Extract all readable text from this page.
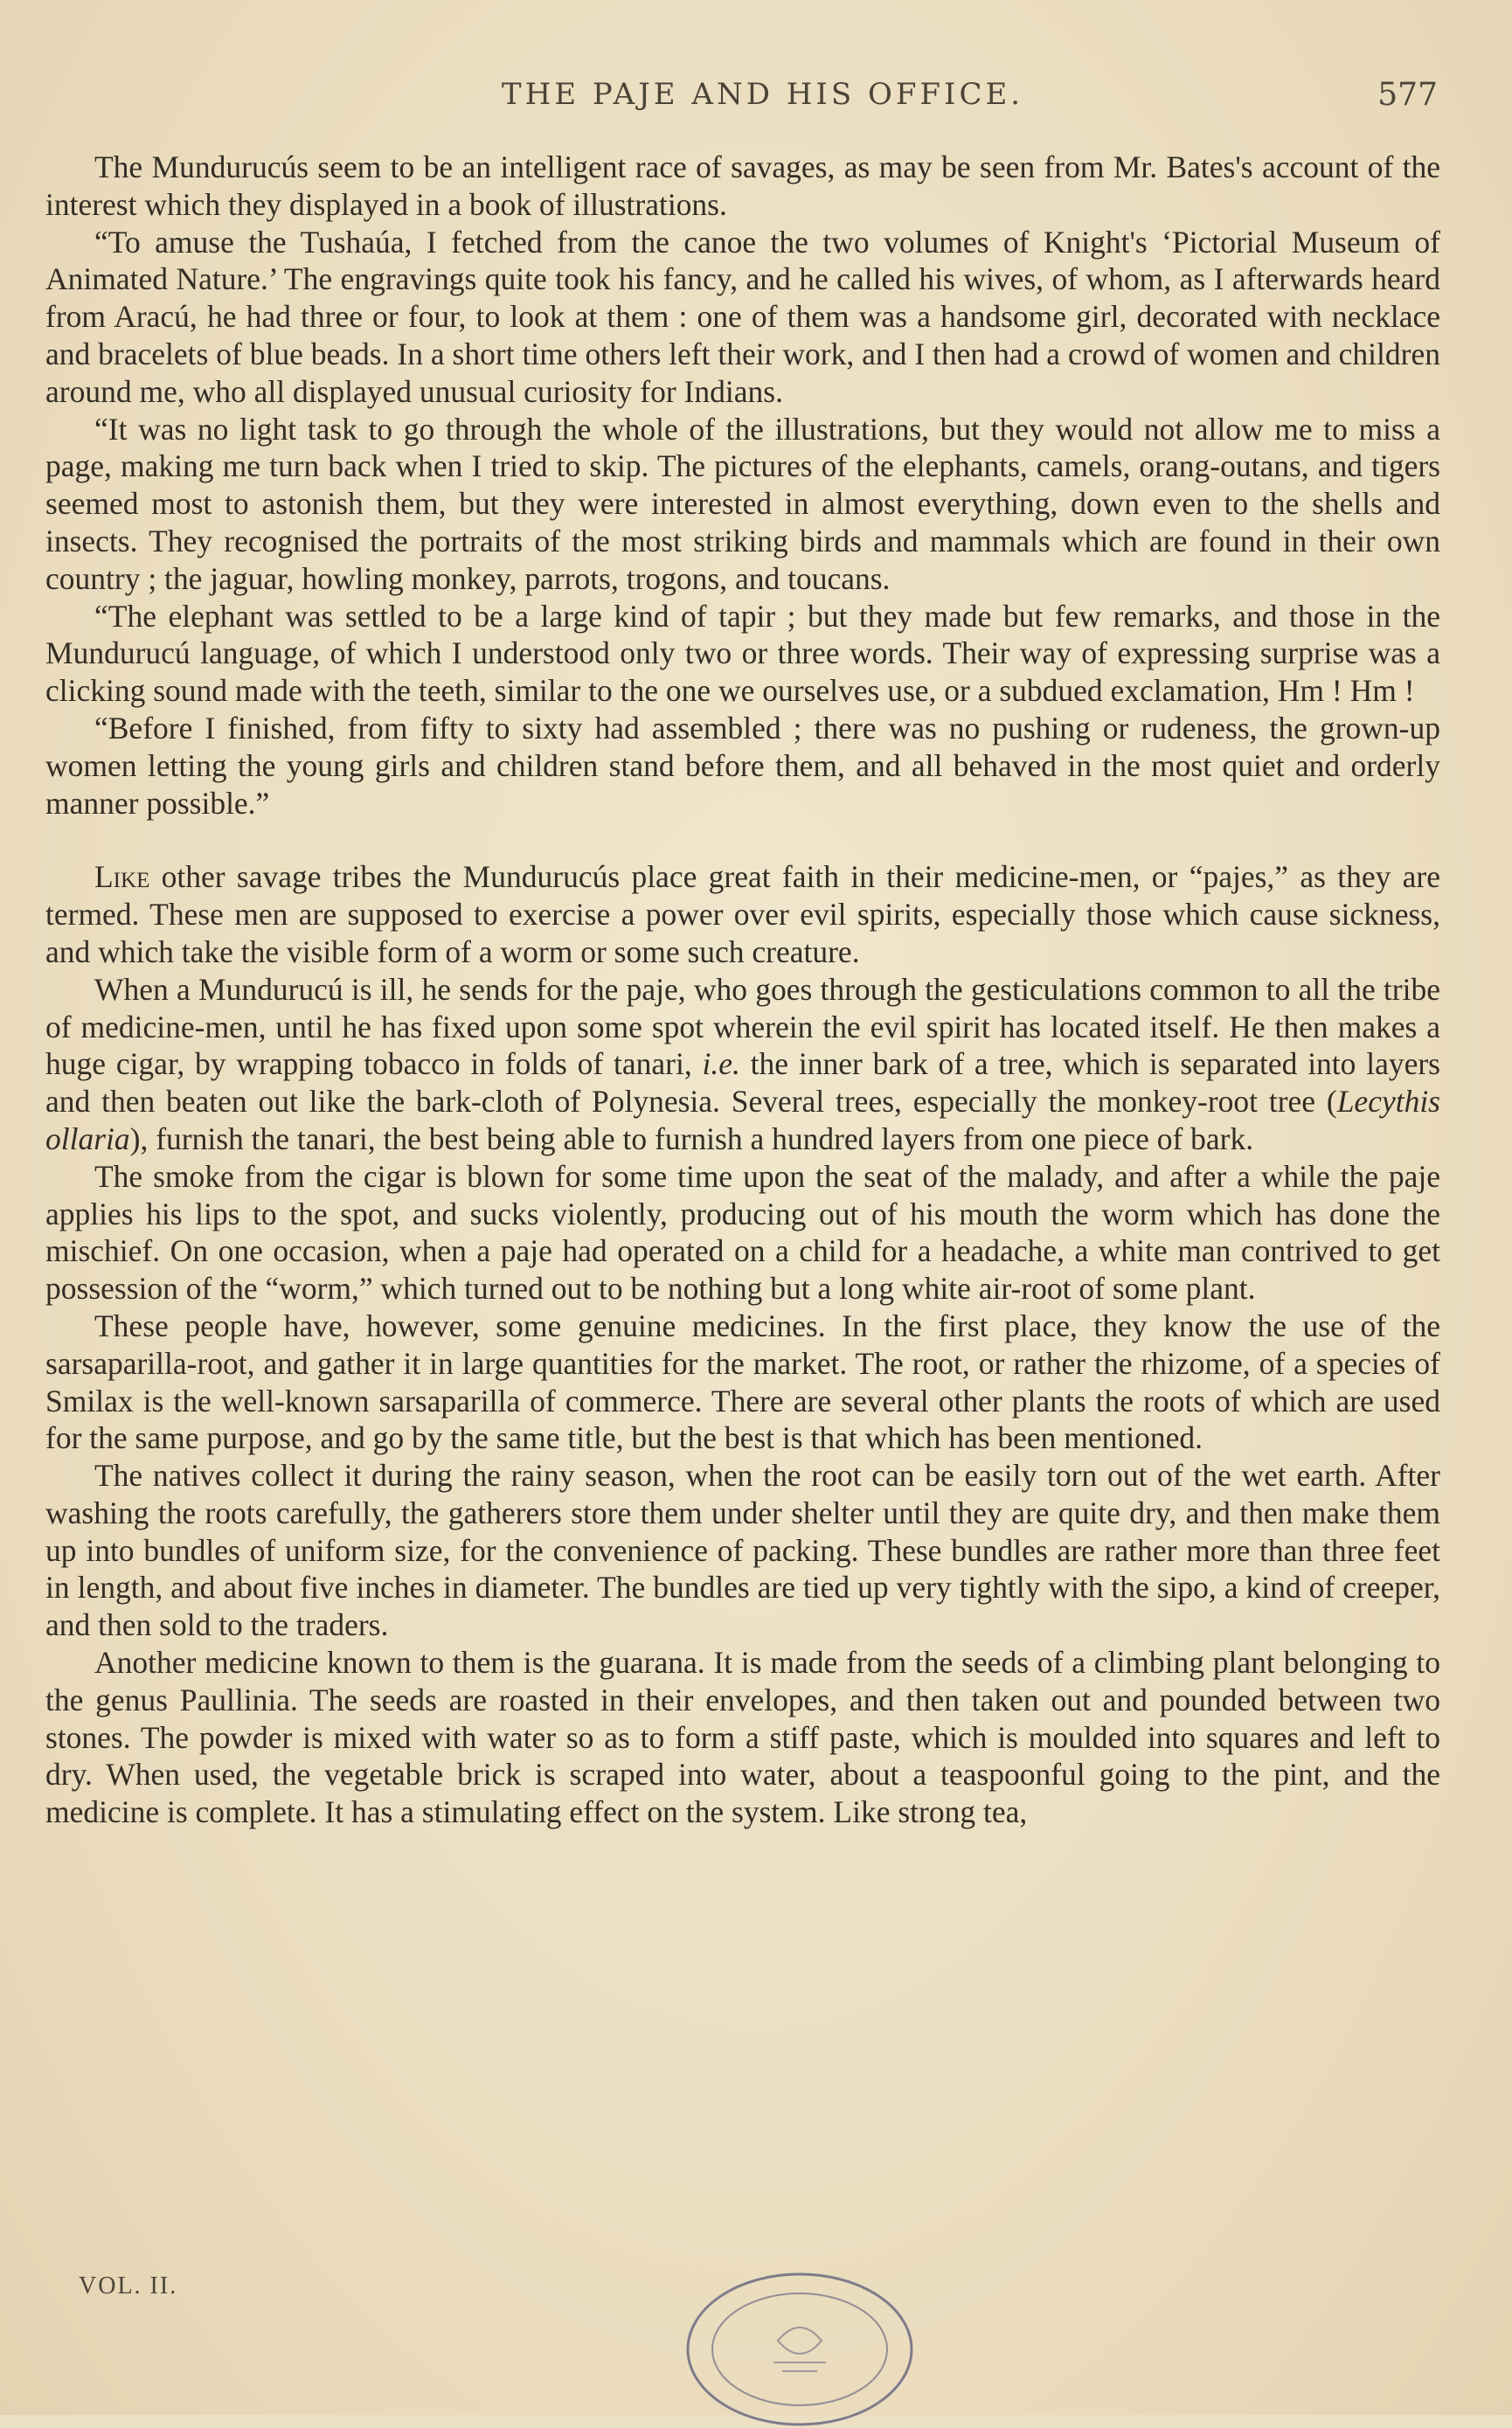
THE PAJE AND HIS OFFICE.	577

The Mundurucús seem to be an intelligent race of savages, as may be seen from Mr. Bates's account of the interest which they displayed in a book of illustrations.

“To amuse the Tushaúa, I fetched from the canoe the two volumes of Knight's ‘Pictorial Museum of Animated Nature.’ The engravings quite took his fancy, and he called his wives, of whom, as I afterwards heard from Aracú, he had three or four, to look at them : one of them was a handsome girl, decorated with necklace and bracelets of blue beads. In a short time others left their work, and I then had a crowd of women and children around me, who all displayed unusual curiosity for Indians.

“It was no light task to go through the whole of the illustrations, but they would not allow me to miss a page, making me turn back when I tried to skip. The pictures of the elephants, camels, orang-outans, and tigers seemed most to astonish them, but they were interested in almost everything, down even to the shells and insects. They recognised the portraits of the most striking birds and mammals which are found in their own country ; the jaguar, howling monkey, parrots, trogons, and toucans.

“The elephant was settled to be a large kind of tapir ; but they made but few remarks, and those in the Mundurucú language, of which I understood only two or three words. Their way of expressing surprise was a clicking sound made with the teeth, similar to the one we ourselves use, or a subdued exclamation, Hm ! Hm !

“Before I finished, from fifty to sixty had assembled ; there was no pushing or rudeness, the grown-up women letting the young girls and children stand before them, and all behaved in the most quiet and orderly manner possible.”

Like other savage tribes the Mundurucús place great faith in their medicine-men, or “pajes,” as they are termed. These men are supposed to exercise a power over evil spirits, especially those which cause sickness, and which take the visible form of a worm or some such creature.

When a Mundurucú is ill, he sends for the paje, who goes through the gesticulations common to all the tribe of medicine-men, until he has fixed upon some spot wherein the evil spirit has located itself. He then makes a huge cigar, by wrapping tobacco in folds of tanari, i.e. the inner bark of a tree, which is separated into layers and then beaten out like the bark-cloth of Polynesia. Several trees, especially the monkey-root tree (Lecythis ollaria), furnish the tanari, the best being able to furnish a hundred layers from one piece of bark.

The smoke from the cigar is blown for some time upon the seat of the malady, and after a while the paje applies his lips to the spot, and sucks violently, producing out of his mouth the worm which has done the mischief. On one occasion, when a paje had operated on a child for a headache, a white man contrived to get possession of the “worm,” which turned out to be nothing but a long white air-root of some plant.

These people have, however, some genuine medicines. In the first place, they know the use of the sarsaparilla-root, and gather it in large quantities for the market. The root, or rather the rhizome, of a species of Smilax is the well-known sarsaparilla of commerce. There are several other plants the roots of which are used for the same purpose, and go by the same title, but the best is that which has been mentioned.

The natives collect it during the rainy season, when the root can be easily torn out of the wet earth. After washing the roots carefully, the gatherers store them under shelter until they are quite dry, and then make them up into bundles of uniform size, for the convenience of packing. These bundles are rather more than three feet in length, and about five inches in diameter. The bundles are tied up very tightly with the sipo, a kind of creeper, and then sold to the traders.

Another medicine known to them is the guarana. It is made from the seeds of a climbing plant belonging to the genus Paullinia. The seeds are roasted in their envelopes, and then taken out and pounded between two stones. The powder is mixed with water so as to form a stiff paste, which is moulded into squares and left to dry. When used, the vegetable brick is scraped into water, about a teaspoonful going to the pint, and the medicine is complete. It has a stimulating effect on the system. Like strong tea,

VOL. II.
